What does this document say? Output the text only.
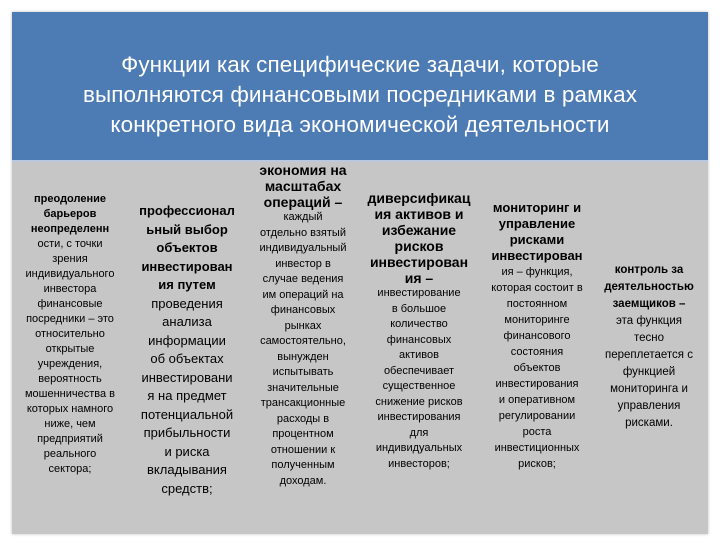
Функции как специфические задачи, которые
выполняются финансовыми посредниками в рамках
конкретного вида экономической деятельности
преодоление
барьеров
неопределенн
ости, с точки
зрения
индивидуального
инвестора
финансовые
посредники – это
относительно
открытые
учреждения,
вероятность
мошенничества в
которых намного
ниже, чем
предприятий
реального
сектора;
профессионал
ьный выбор
объектов
инвестирован
ия путем
проведения
анализа
информации
об объектах
инвестировани
я на предмет
потенциальной
прибыльности
и риска
вкладывания
средств;
экономия на
масштабах
операций –
каждый
отдельно взятый
индивидуальный
инвестор в
случае ведения
им операций на
финансовых
рынках
самостоятельно,
вынужден
испытывать
значительные
трансакционные
расходы в
процентном
отношении к
полученным
доходам.
диверсификац
ия активов и
избежание
рисков
инвестирован
ия –
инвестирование
в большое
количество
финансовых
активов
обеспечивает
существенное
снижение рисков
инвестирования
для
индивидуальных
инвесторов;
мониторинг и
управление
рисками
инвестирован
ия – функция,
которая состоит в
постоянном
мониторинге
финансового
состояния
объектов
инвестирования
и оперативном
регулировании
роста
инвестиционных
рисков;
контроль за
деятельностью
заемщиков –
эта функция
тесно
переплетается с
функцией
мониторинга и
управления
рисками.
